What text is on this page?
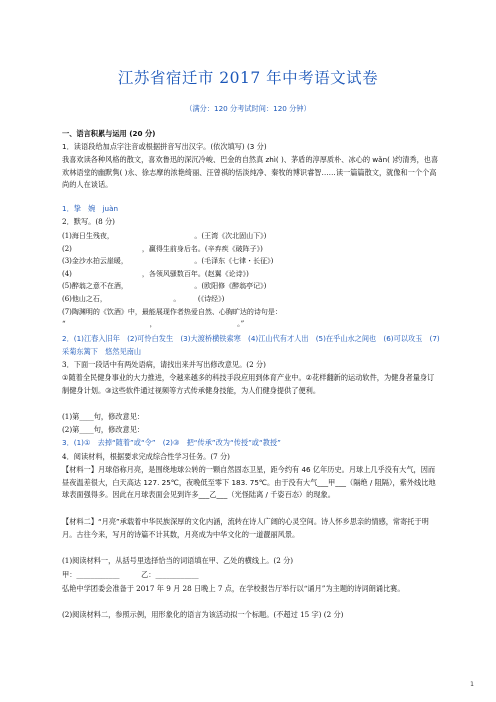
江苏省宿迁市 2017 年中考语文试卷
（满分：120 分考试时间：120 分钟）
一、语言积累与运用 (20 分)
1．读语段给加点字注音或根据拼音写出汉字。(依次填写) (3 分)
我喜欢读各种风格的散文，喜欢鲁迅的深沉冷峻、巴金的自然真 zhì( )、茅盾的淳厚质朴、冰心的 wǎn( )约清秀，也喜欢林语堂的幽默隽( )永、徐志摩的浓艳绮丽、汪曾祺的恬淡纯净、秦牧的博识睿智……读一篇篇散文，就像和一个个高尚的人在谈话。
1．挚　婉　juàn
2．默写。(8 分)
(1)海日生残夜，　　　　　　　　　　　　。(王湾《次北固山下》)
(2)　　　　　　　　　　，赢得生前身后名。(辛弃疾《破阵子》)
(3)金沙水拍云崖暖，　　　　　　　　　　。(毛泽东《七律・长征》)
(4)　　　　　　　　　　，各领风骚数百年。(赵翼《论诗》)
(5)醉翁之意不在酒，　　　　　　　　　　。(欧阳修《醉翁亭记》)
(6)他山之石，　　　　　　　　　　。　　　(《诗经》)
(7)陶渊明的《饮酒》中，最能展现作者热爱自然、心胸旷达的诗句是：
“　　　　　　　　　　　　，　　　　　　　　　　　　。”
2．(1)江春入旧年　(2)可怜白发生　(3)大渡桥横铁索寒　(4)江山代有才人出　(5)在乎山水之间也　(6)可以攻玉　(7)采菊东篱下　悠然见南山
3．下面一段话中有两处语病，请找出来并写出修改意见。(2 分)
①随着全民健身事业的大力推进，令越来越多的科技手段应用到体育产业中。②花样翻新的运动软件，为健身者量身订制健身计划。③这些软件通过视频等方式传承健身技能，为人们健身提供了便利。
(1)第____句，修改意见：
(2)第____句，修改意见：
3．(1)①　去掉“随着”或“令”　(2)③　把“传承”改为“传授”或“教授”
4．阅读材料，根据要求完成综合性学习任务。(7 分)
【材料一】月球俗称月亮，是围绕地球公转的一颗自然固态卫星，距今约有 46 亿年历史。月球上几乎没有大气，因而昼夜温差很大，白天高达 127. 25℃，夜晚低至零下 183. 75℃。由于没有大气___甲___（隔绝 / 阻隔），紫外线比地球表面强得多。因此在月球表面会见到许多___乙___（光怪陆离 / 千姿百态）的现象。
【材料二】“月亮”承载着中华民族深厚的文化内涵，流转在诗人广阔的心灵空间。诗人怀乡思亲的情感，常寄托于明月。古往今来，写月的诗篇不计其数，月亮成为中华文化的一道靓丽风景。
(1)阅读材料一，从括号里选择恰当的词语填在甲、乙处的横线上。(2 分)
甲：____________　　　乙：____________
弘艳中学团委会准备于 2017 年 9 月 28 日晚上 7 点，在学校报告厅举行以“诵月”为主题的诗词朗诵比赛。
(2)阅读材料二，参照示例，用形象化的语言为该活动拟一个标题。(不超过 15 字) (2 分)
1
